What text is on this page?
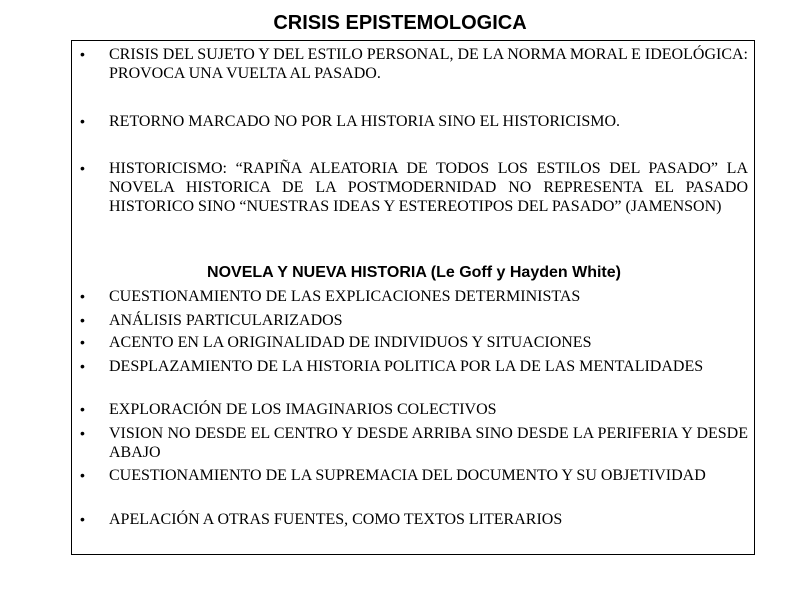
CRISIS EPISTEMOLOGICA
•	CRISIS DEL SUJETO Y DEL ESTILO PERSONAL, DE LA NORMA MORAL E IDEOLÓGICA: PROVOCA UNA VUELTA AL PASADO.
•	RETORNO MARCADO NO POR LA HISTORIA SINO EL HISTORICISMO.
•	HISTORICISMO: “RAPIÑA ALEATORIA DE TODOS LOS ESTILOS DEL PASADO” LA NOVELA HISTORICA DE LA POSTMODERNIDAD NO REPRESENTA EL PASADO HISTORICO SINO “NUESTRAS IDEAS Y ESTEREOTIPOS DEL PASADO” (JAMENSON)
NOVELA Y NUEVA HISTORIA (Le Goff y Hayden White)
•	CUESTIONAMIENTO DE LAS EXPLICACIONES DETERMINISTAS
•	ANÁLISIS PARTICULARIZADOS
•	ACENTO EN LA ORIGINALIDAD DE INDIVIDUOS Y SITUACIONES
•	DESPLAZAMIENTO DE LA HISTORIA POLITICA POR LA DE LAS MENTALIDADES
•	EXPLORACIÓN DE LOS IMAGINARIOS COLECTIVOS
•	VISION NO DESDE EL CENTRO Y DESDE ARRIBA SINO DESDE LA PERIFERIA Y DESDE ABAJO
•	CUESTIONAMIENTO DE LA SUPREMACIA DEL DOCUMENTO Y SU OBJETIVIDAD
•	APELACIÓN A OTRAS FUENTES, COMO TEXTOS LITERARIOS
